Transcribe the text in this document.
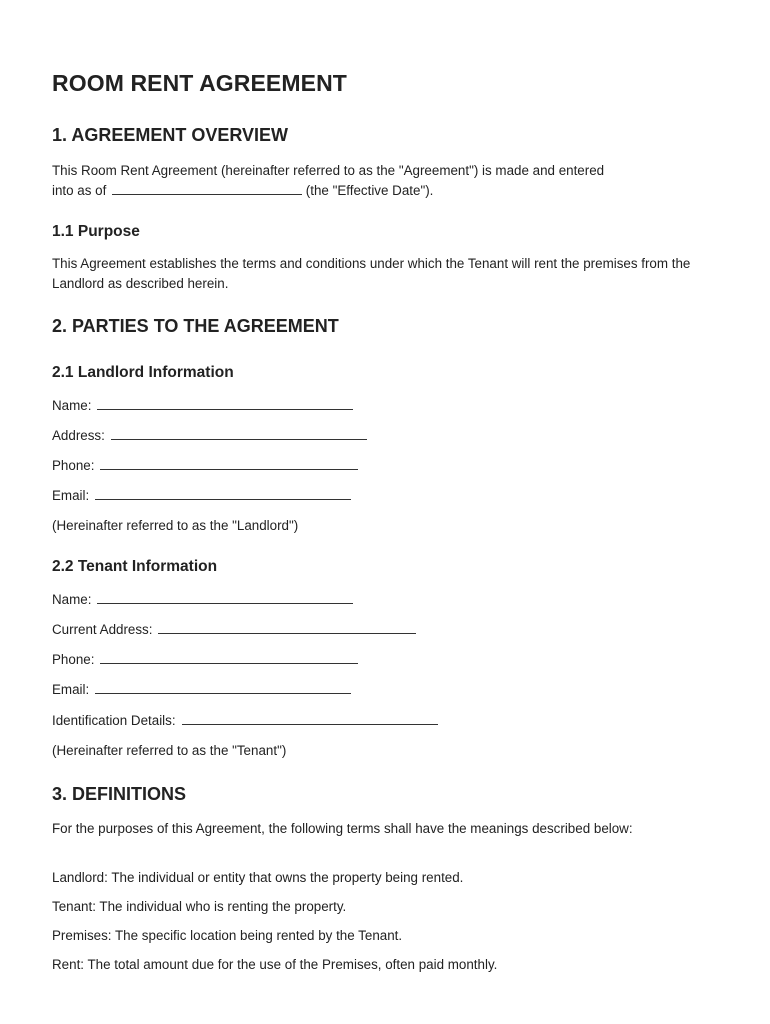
ROOM RENT AGREEMENT
1. AGREEMENT OVERVIEW

This Room Rent Agreement (hereinafter referred to as the "Agreement") is made and entered

into as of	(the "Effective Date").

1.1 Purpose

This Agreement establishes the terms and conditions under which the Tenant will rent the premises from the Landlord as described herein.

2. PARTIES TO THE AGREEMENT
2.1 Landlord Information

Name:

Address:

Phone:

Email:

(Hereinafter referred to as the "Landlord")

2.2 Tenant Information

Name:

Current Address:

Phone:

Email:

Identification Details:

(Hereinafter referred to as the "Tenant")

3. DEFINITIONS

For the purposes of this Agreement, the following terms shall have the meanings described below:

Landlord: The individual or entity that owns the property being rented.

Tenant: The individual who is renting the property.

Premises: The specific location being rented by the Tenant.

Rent: The total amount due for the use of the Premises, often paid monthly.
